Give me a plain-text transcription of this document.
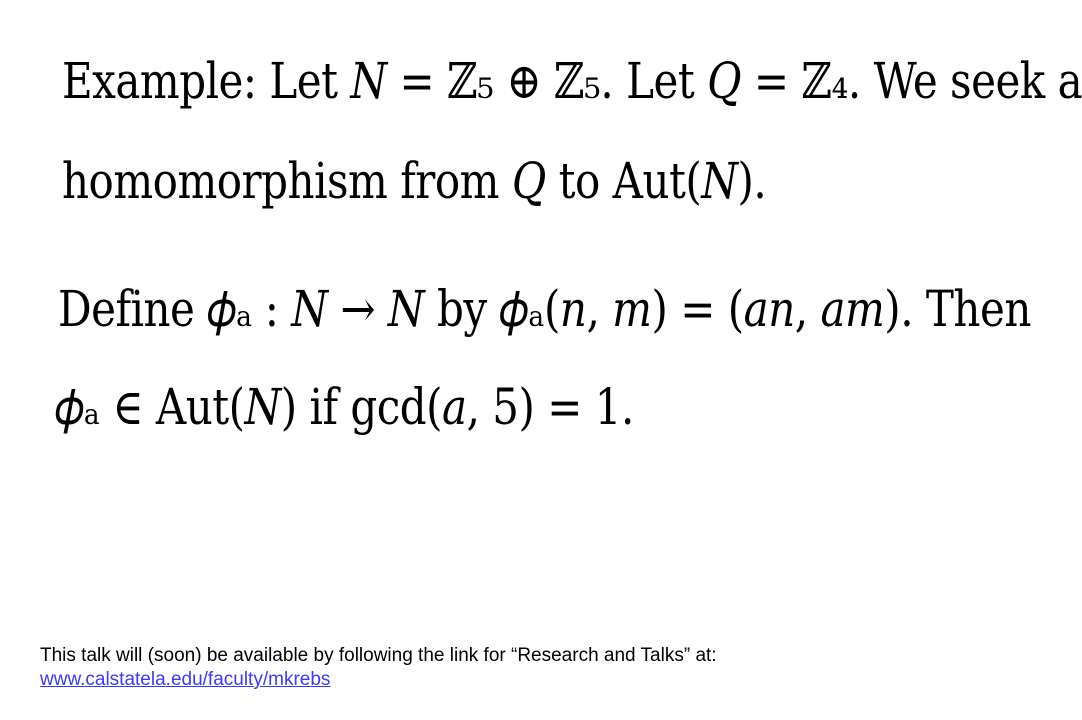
Example: Let 𝑁 = ℤ₅ ⊕ ℤ₅. Let 𝑄 = ℤ₄. We seek a
homomorphism from 𝑄 to Aut(𝑁).
Define 𝜙ₐ : 𝑁 → 𝑁 by 𝜙ₐ(𝑛, 𝑚) = (𝑎𝑛, 𝑎𝑚). Then
𝜙ₐ ∈ Aut(𝑁) if gcd(𝑎, 5) = 1.
This talk will (soon) be available by following the link for “Research and Talks” at: www.calstatela.edu/faculty/mkrebs
